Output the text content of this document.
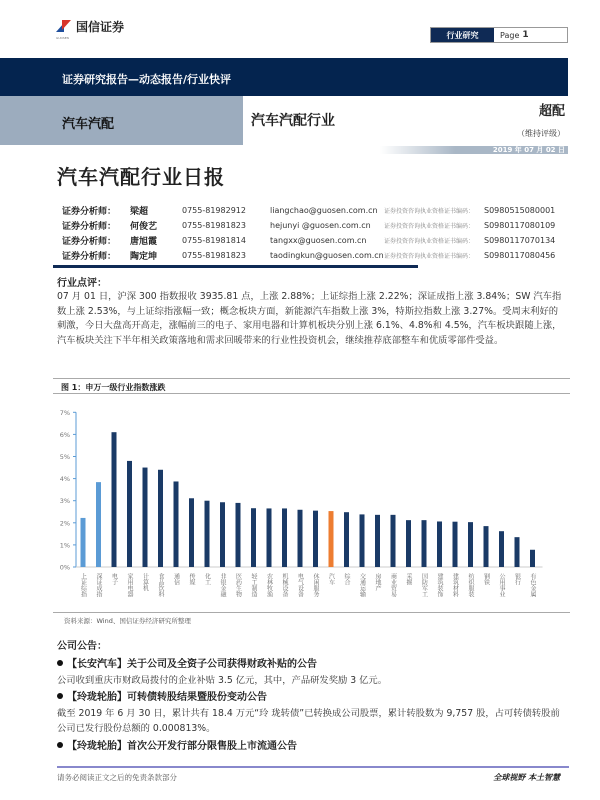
国信证券
GUOSEN	行业研究	Page 1
证券研究报告—动态报告/行业快评
汽车汽配	汽车汽配行业
超配
（维持评级）
2019 年 07 月 02 日
汽车汽配行业日报
证券分析师：	梁超	0755-81982912	liangchao@guosen.com.cn	证券投资咨询执业资格证书编码：	S0980515080001
证券分析师：	何俊艺	0755-81981823	hejunyi @guosen.com.cn	证券投资咨询执业资格证书编码：	S0980117080109
证券分析师：	唐旭霞	0755-81981814	tangxx@guosen.com.cn	证券投资咨询执业资格证书编码：	S0980117070134
证券分析师：	陶定坤	0755-81981823	taodingkun@guosen.com.cn 证券投资咨询执业资格证书编码：	S0980117080456
行业点评：
07 月 01 日，沪深 300 指数报收 3935.81 点，上涨 2.88%；上证综指上涨 2.22%；深证成指上涨 3.84%；SW 汽车指数上涨 2.53%，与上证综指涨幅一致；概念板块方面，新能源汽车指数上涨 3%，特斯拉指数上涨 3.27%。受周末利好的刺激，今日大盘高开高走，涨幅前三的电子、家用电器和计算机板块分别上涨 6.1%、4.8%和 4.5%，汽车板块跟随上涨，汽车板块关注下半年相关政策落地和需求回暖带来的行业性投资机会，继续推荐底部整车和优质零部件受益。
图 1：申万一级行业指数涨跌
0%
1%
2%
3%
4%
5%
6%
7%
上证综指 深证成指 电子 家用电器 计算机 食品饮料 通信 传媒 化工 非银金融 医药生物 轻工制造 农林牧渔 机械设备 电气设备 休闲服务 汽车 综合 交通运输 房地产 商业贸易 采掘 国防军工 建筑装饰 建筑材料 纺织服装 钢铁 公用事业 银行 有色金属
资料来源：Wind、国信证券经济研究所整理
公司公告：
【长安汽车】关于公司及全资子公司获得财政补贴的公告
公司收到重庆市财政局拨付的企业补贴 3.5 亿元，其中，产品研发奖励 3 亿元。
【玲珑轮胎】可转债转股结果暨股份变动公告
截至 2019 年 6 月 30 日，累计共有 18.4 万元“玲 珑转债”已转换成公司股票，累计转股数为 9,757 股，占可转债转股前公司已发行股份总额的 0.000813%。
【玲珑轮胎】首次公开发行部分限售股上市流通公告
请务必阅读正文之后的免责条款部分	全球视野 本土智慧
